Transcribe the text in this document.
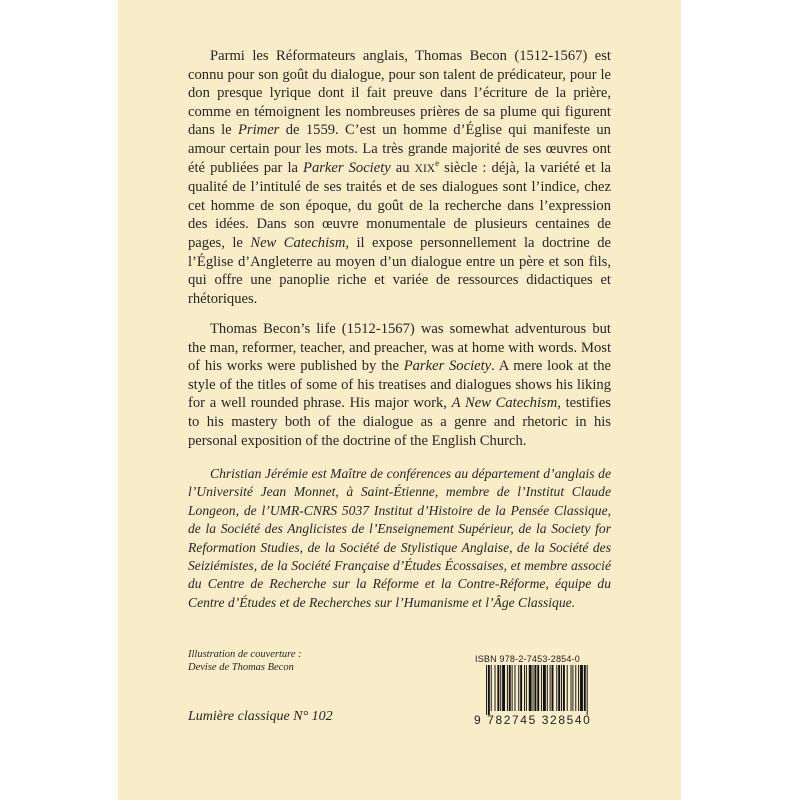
Parmi les Réformateurs anglais, Thomas Becon (1512-1567) est connu pour son goût du dialogue, pour son talent de prédicateur, pour le don presque lyrique dont il fait preuve dans l’écriture de la prière, comme en témoignent les nombreuses prières de sa plume qui figurent dans le Primer de 1559. C’est un homme d’Église qui manifeste un amour certain pour les mots. La très grande majorité de ses œuvres ont été publiées par la Parker Society au XIXe siècle : déjà, la variété et la qualité de l’intitulé de ses traités et de ses dialogues sont l’indice, chez cet homme de son époque, du goût de la recherche dans l’expression des idées. Dans son œuvre monumentale de plusieurs centaines de pages, le New Catechism, il expose personnellement la doctrine de l’Église d’Angleterre au moyen d’un dialogue entre un père et son fils, qui offre une panoplie riche et variée de ressources didactiques et rhétoriques.

Thomas Becon’s life (1512-1567) was somewhat adventurous but the man, reformer, teacher, and preacher, was at home with words. Most of his works were published by the Parker Society. A mere look at the style of the titles of some of his treatises and dialogues shows his liking for a well rounded phrase. His major work, A New Catechism, testifies to his mastery both of the dialogue as a genre and rhetoric in his personal exposition of the doctrine of the English Church.

Christian Jérémie est Maître de conférences au département d’anglais de l’Université Jean Monnet, à Saint-Étienne, membre de l’Institut Claude Longeon, de l’UMR-CNRS 5037 Institut d’Histoire de la Pensée Classique, de la Société des Anglicistes de l’Enseignement Supérieur, de la Society for Reformation Studies, de la Société de Stylistique Anglaise, de la Société des Seiziémistes, de la Société Française d’Études Écossaises, et membre associé du Centre de Recherche sur la Réforme et la Contre-Réforme, équipe du Centre d’Études et de Recherches sur l’Humanisme et l’Âge Classique.

Illustration de couverture :
Devise de Thomas Becon
Lumière classique N° 102
ISBN 978-2-7453-2854-0
9 782745 328540
